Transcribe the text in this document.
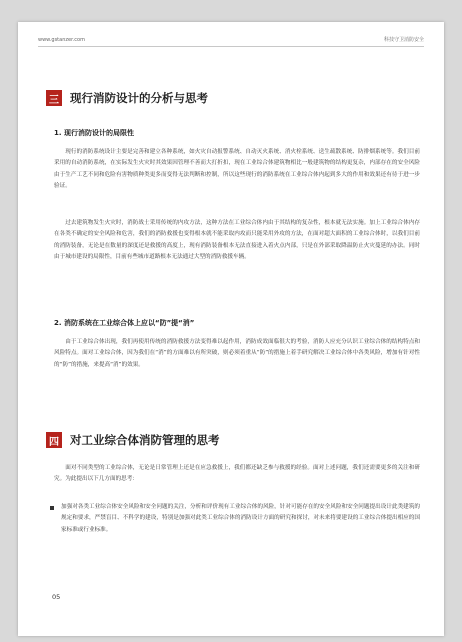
www.gstanzer.com	科技守卫消防安全
三 现行消防设计的分析与思考
1. 现行消防设计的局限性

现行的消防系统设计主要是完善和建立各种系统，如火灾自动报警系统、自动灭火系统、消火栓系统、送生疏散系统、防排烟系统等。我们目前采用的自动消防系统，在实际发生火灾时其效果因管理不善而大打折扣，现在工业综合体建筑物相比一般建筑物的结构更复杂，内部存在的安全风险由于生产工艺不同和危险有害物质种类更多而变得无法判断和控制，所以这些现行的消防系统在工业综合体内起到多大的作用和效果还有待于进一步验证。

过去建筑物发生火灾时，消防战士采用传统的内攻方法，这种方法在工业综合体内由于其结构的复杂性，根本就无法实施。加上工业综合体内存在各类不确定的安全风险和危害，我们的消防救援也变得根本就不能采取内攻而只能采用外攻的方法，在面对超大面积的工业综合体时，以我们目前的消防装备，无论是在数量的深度还是救援的高度上，现有消防装备根本无法直接进入着火点内部，只是在外部采取降温防止火灾蔓延的办法。同时由于城市建设的局限性，目前有些城市道路根本无法通过大型的消防救援车辆。

2. 消防系统在工业综合体上应以“防”提“消”

由于工业综合体出现，我们再使用传统的消防救援方法变得难以起作用，消防成效面临很大的考验，消防人应充分认识工业综合体的结构特点和风险特点。面对工业综合体，因为我们在“消”的方面难以有所突破，则必须着重从“防”的措施上着手研究解决工业综合体中各类风险，增加有针对性的“防”的措施，来提高“消”的效果。

四 对工业综合体消防管理的思考

面对不同类型的工业综合体，无论是日常管理上还是在应急救援上，我们都还缺乏参与救援的经验。面对上述问题，我们还需要更多的关注和研究。为此提出以下几方面的思考：

加强对各类工业综合体安全风险和安全问题的关注，分析和评价现有工业综合体的风险，针对可能存在的安全风险和安全问题提出设计此类建筑的规定和要求，严禁盲目、不科学的建设，特别是加强对此类工业综合体的消防设计方面的研究和探讨，对未来将要建设的工业综合体提出相应的国家标准或行业标准。
05
